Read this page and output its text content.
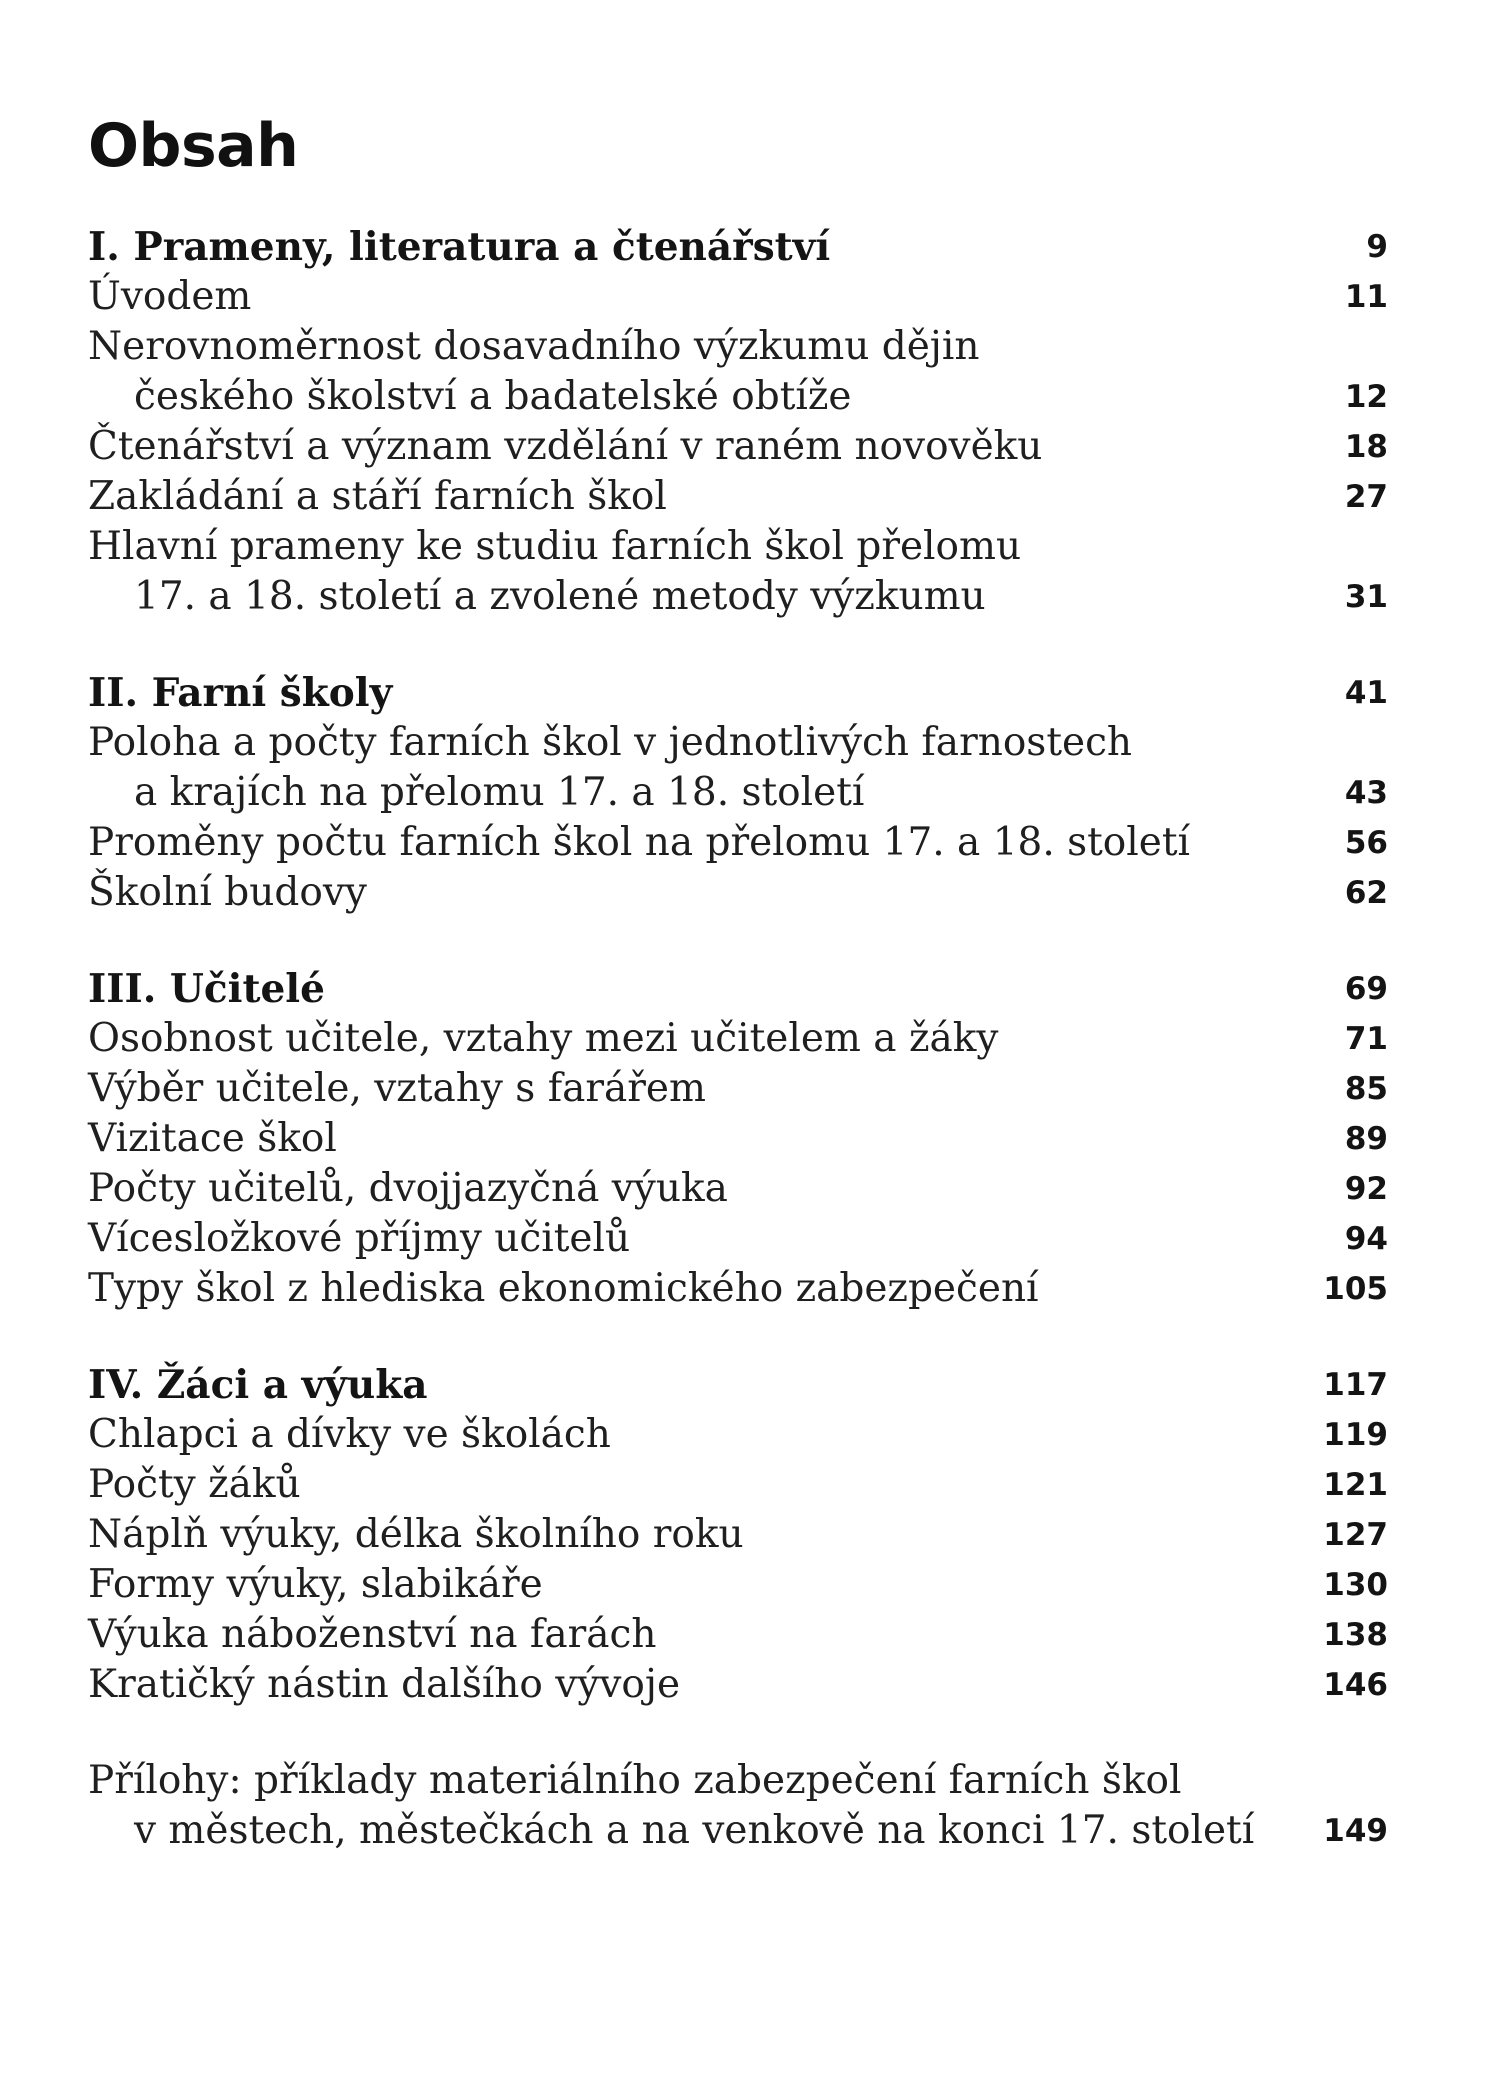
Obsah
I. Prameny, literatura a čtenářství	9
Úvodem	11
Nerovnoměrnost dosavadního výzkumu dějin
českého školství a badatelské obtíže	12
Čtenářství a význam vzdělání v raném novověku	18
Zakládání a stáří farních škol	27
Hlavní prameny ke studiu farních škol přelomu
17. a 18. století a zvolené metody výzkumu	31
II. Farní školy	41
Poloha a počty farních škol v jednotlivých farnostech
a krajích na přelomu 17. a 18. století	43
Proměny počtu farních škol na přelomu 17. a 18. století	56
Školní budovy	62
III. Učitelé	69
Osobnost učitele, vztahy mezi učitelem a žáky	71
Výběr učitele, vztahy s farářem	85
Vizitace škol	89
Počty učitelů, dvojjazyčná výuka	92
Vícesložkové příjmy učitelů	94
Typy škol z hlediska ekonomického zabezpečení	105
IV. Žáci a výuka	117
Chlapci a dívky ve školách	119
Počty žáků	121
Náplň výuky, délka školního roku	127
Formy výuky, slabikáře	130
Výuka náboženství na farách	138
Kratičký nástin dalšího vývoje	146
Přílohy: příklady materiálního zabezpečení farních škol
v městech, městečkách a na venkově na konci 17. století	149
